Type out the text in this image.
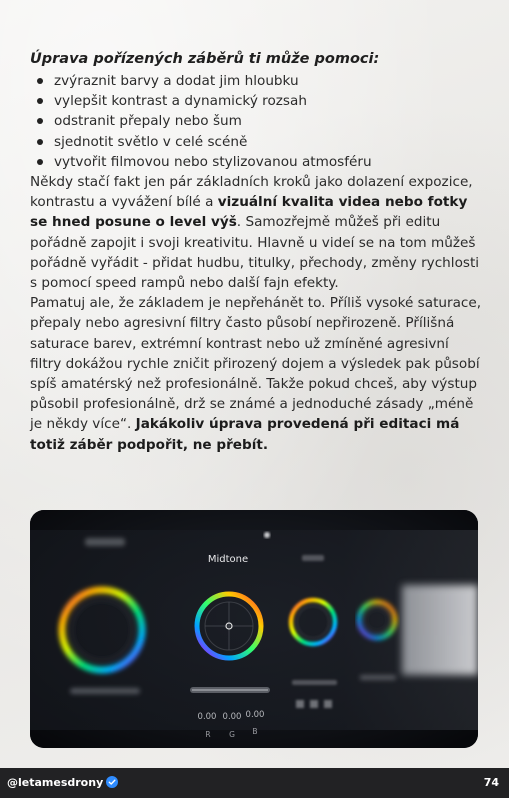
Úprava pořízených záběrů ti může pomoci:

zvýraznit barvy a dodat jim hloubku
vylepšit kontrast a dynamický rozsah
odstranit přepaly nebo šum
sjednotit světlo v celé scéně
vytvořit filmovou nebo stylizovanou atmosféru

Někdy stačí fakt jen pár základních kroků jako dolazení expozice, kontrastu a vyvážení bílé a vizuální kvalita videa nebo fotky se hned posune o level výš. Samozřejmě můžeš při editu pořádně zapojit i svoji kreativitu. Hlavně u videí se na tom můžeš pořádně vyřádit - přidat hudbu, titulky, přechody, změny rychlosti s pomocí speed rampů nebo další fajn efekty.

Pamatuj ale, že základem je nepřehánět to. Příliš vysoké saturace, přepaly nebo agresivní filtry často působí nepřirozeně. Přílišná saturace barev, extrémní kontrast nebo už zmíněné agresivní filtry dokážou rychle zničit přirozený dojem a výsledek pak působí spíš amatérský než profesionálně. Takže pokud chceš, aby výstup působil profesionálně, drž se známé a jednoduché zásady „méně je někdy více“. Jakákoliv úprava provedená při editaci má totiž záběr podpořit, ne přebít.

Midtone
0.00 0.00 0.00
R G B
@letamesdrony	74
